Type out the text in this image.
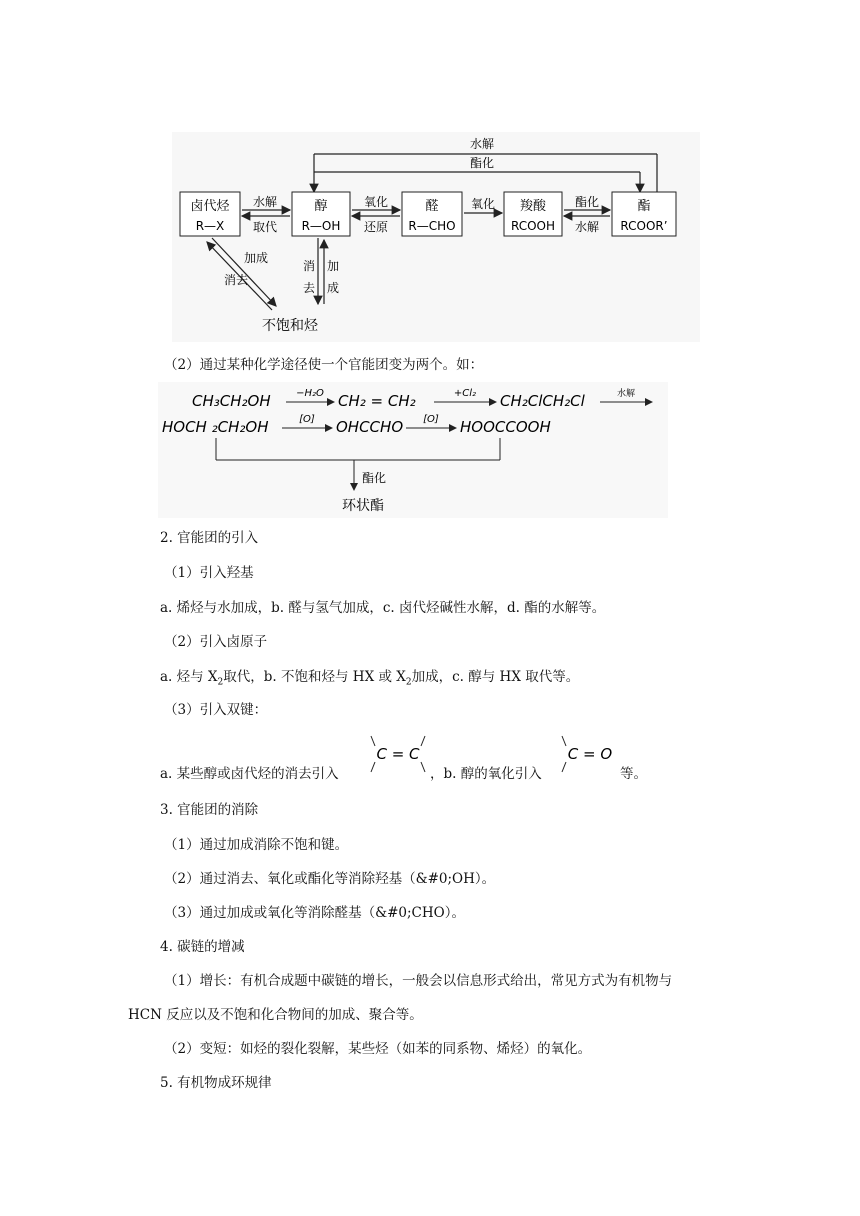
水解
酯化
卤代烃
R—X
醇
R—OH
醛
R—CHO
羧酸
RCOOH
酯
RCOOR’
水解
取代
氧化
还原
氧化	酯化
水解
加成
消去
消
去
加
成
不饱和烃
（2）通过某种化学途径使一个官能团变为两个。如：
CH₃CH₂OH	−H₂O CH₂ = CH₂	+Cl₂ CH₂ClCH₂Cl	水解
HOCH ₂CH₂OH	[O] OHCCHO [O] HOOCCOOH
酯化
环状酯
2. 官能团的引入
（1）引入羟基
a. 烯烃与水加成，b. 醛与氢气加成，c. 卤代烃碱性水解，d. 酯的水解等。
（2）引入卤原子
a. 烃与 $X_2$取代，b. 不饱和烃与 HX 或 $X_2$加成，c. 醇与 HX 取代等。
（3）引入双键：
a. 某些醇或卤代烃的消去引入
C = C
，b. 醇的氧化引入
C = O
等。
3. 官能团的消除
（1）通过加成消除不饱和键。
（2）通过消去、氧化或酯化等消除羟基（&#0;OH）。
（3）通过加成或氧化等消除醛基（&#0;CHO）。
4. 碳链的增减
（1）增长：有机合成题中碳链的增长，一般会以信息形式给出，常见方式为有机物与
HCN 反应以及不饱和化合物间的加成、聚合等。
（2）变短：如烃的裂化裂解，某些烃（如苯的同系物、烯烃）的氧化。
5. 有机物成环规律
